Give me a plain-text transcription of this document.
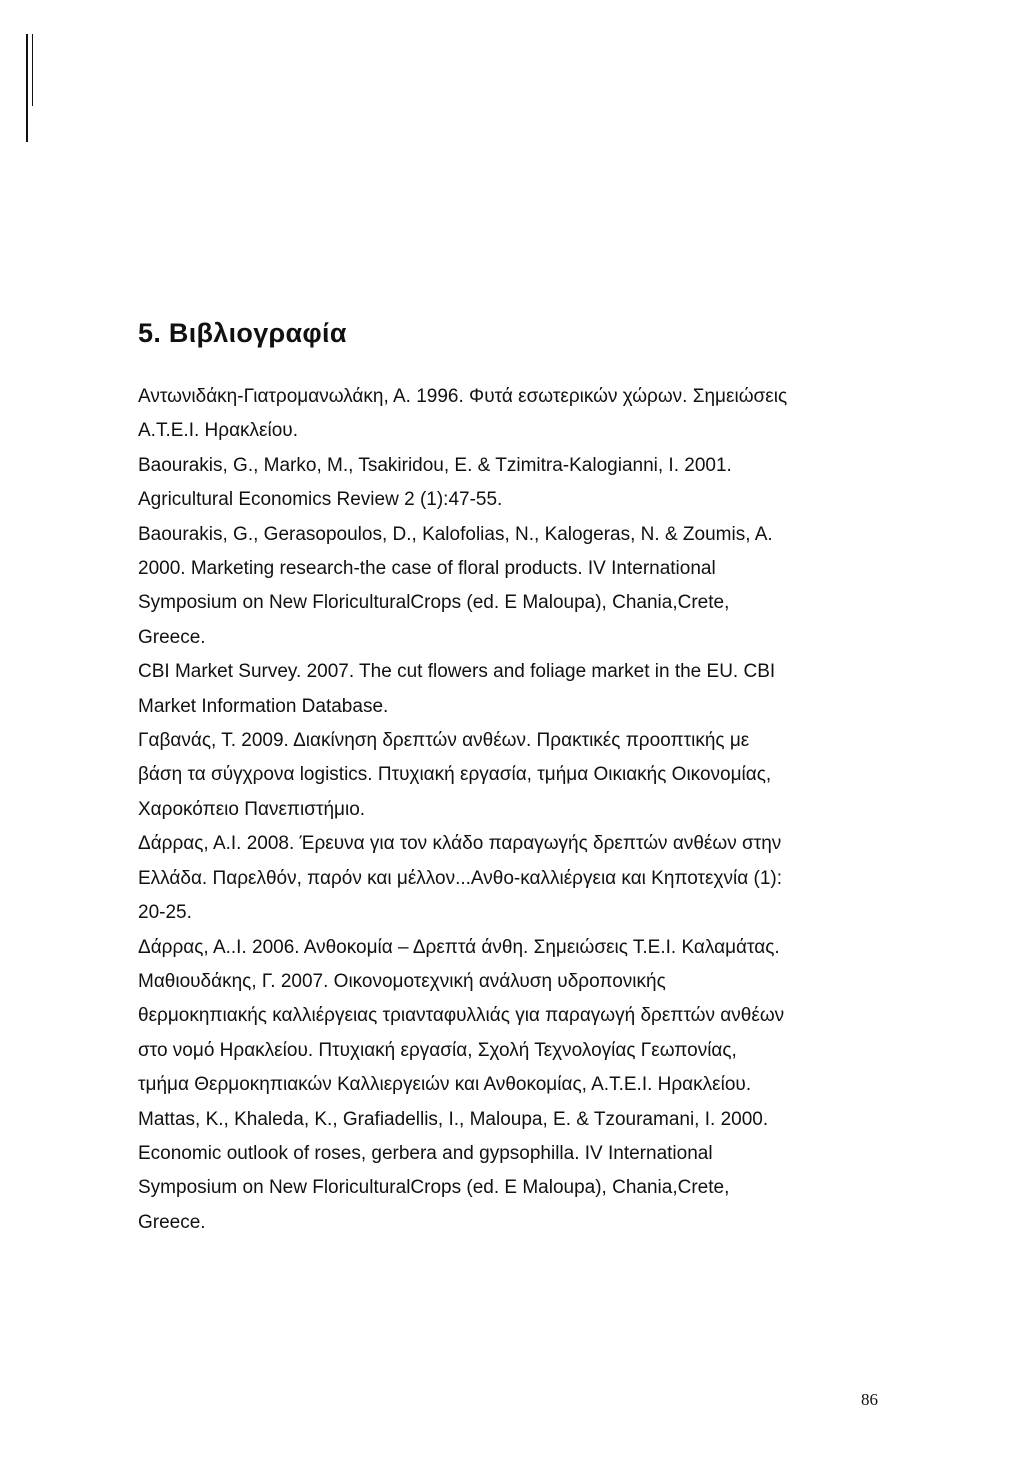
5. Βιβλιογραφία
Αντωνιδάκη-Γιατρομανωλάκη, Α. 1996. Φυτά εσωτερικών χώρων. Σημειώσεις
Α.Τ.Ε.Ι. Ηρακλείου.
Baourakis, G., Marko, M., Tsakiridou, E. & Tzimitra-Kalogianni, I. 2001.
Agricultural Economics Review 2 (1):47-55.
Baourakis, G., Gerasopoulos, D., Kalofolias, N., Kalogeras, N. & Zoumis, A.
2000. Marketing research-the case of floral products. IV International
Symposium on New FloriculturalCrops (ed. E Maloupa), Chania,Crete,
Greece.
CBI Market Survey. 2007. The cut flowers and foliage market in the EU. CBI
Market Information Database.
Γαβανάς, Τ. 2009. Διακίνηση δρεπτών ανθέων. Πρακτικές προοπτικής με
βάση τα σύγχρονα logistics. Πτυχιακή εργασία, τμήμα Οικιακής Οικονομίας,
Χαροκόπειο Πανεπιστήμιο.
Δάρρας, Α.Ι. 2008. Έρευνα για τον κλάδο παραγωγής δρεπτών ανθέων στην
Ελλάδα. Παρελθόν, παρόν και μέλλον...Ανθο-καλλιέργεια και Κηποτεχνία (1):
20-25.
Δάρρας, Α..Ι. 2006. Ανθοκομία – Δρεπτά άνθη. Σημειώσεις Τ.Ε.Ι. Καλαμάτας.
Μαθιουδάκης, Γ. 2007. Οικονομοτεχνική ανάλυση υδροπονικής
θερμοκηπιακής καλλιέργειας τριανταφυλλιάς για παραγωγή δρεπτών ανθέων
στο νομό Ηρακλείου. Πτυχιακή εργασία, Σχολή Τεχνολογίας Γεωπονίας,
τμήμα Θερμοκηπιακών Καλλιεργειών και Ανθοκομίας, Α.Τ.Ε.Ι. Ηρακλείου.
Mattas, K., Khaleda, K., Grafiadellis, I., Maloupa, E. & Tzouramani, I. 2000.
Economic outlook of roses, gerbera and gypsophilla. IV International
Symposium on New FloriculturalCrops (ed. E Maloupa), Chania,Crete,
Greece.
86
